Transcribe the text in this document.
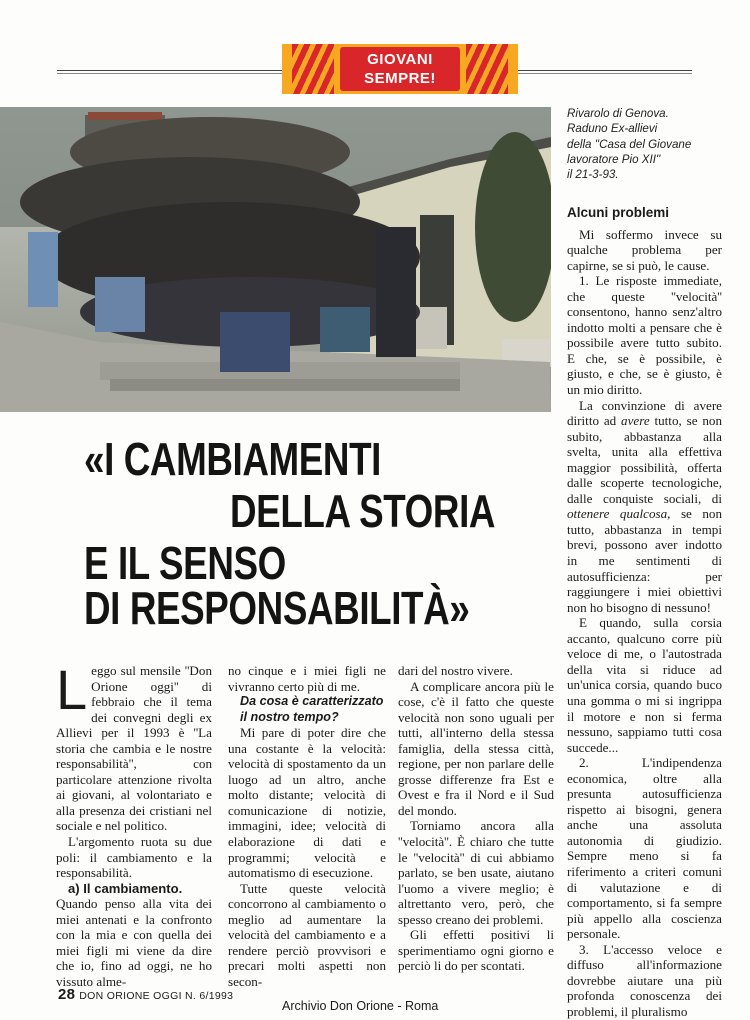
GIOVANI
SEMPRE!
Rivarolo di Genova.
Raduno Ex-allievi
della ''Casa del Giovane
lavoratore Pio XII''
il 21-3-93.
«I CAMBIAMENTI
DELLA STORIA
E IL SENSO
DI RESPONSABILITÀ»

Leggo sul mensile ''Don Orione oggi'' di febbraio che il tema dei convegni degli ex Allievi per il 1993 è ''La storia che cambia e le nostre responsabilità'', con particolare attenzione rivolta ai giovani, al volontariato e alla presenza dei cristiani nel sociale e nel politico.

L'argomento ruota su due poli: il cambiamento e la responsabilità.

a) Il cambiamento.

Quando penso alla vita dei miei antenati e la confronto con la mia e con quella dei miei figli mi viene da dire che io, fino ad oggi, ne ho vissuto alme-

no cinque e i miei figli ne vivranno certo più di me.

Da cosa è caratterizzato il nostro tempo?

Mi pare di poter dire che una costante è la velocità: velocità di spostamento da un luogo ad un altro, anche molto distante; velocità di comunicazione di notizie, immagini, idee; velocità di elaborazione di dati e programmi; velocità e automatismo di esecuzione.

Tutte queste velocità concorrono al cambiamento o meglio ad aumentare la velocità del cambiamento e a rendere perciò provvisori e precari molti aspetti non secon-

dari del nostro vivere.

A complicare ancora più le cose, c'è il fatto che queste velocità non sono uguali per tutti, all'interno della stessa famiglia, della stessa città, regione, per non parlare delle grosse differenze fra Est e Ovest e fra il Nord e il Sud del mondo.

Torniamo ancora alla ''velocità''. È chiaro che tutte le ''velocità'' di cui abbiamo parlato, se ben usate, aiutano l'uomo a vivere meglio; è altrettanto vero, però, che spesso creano dei problemi.

Gli effetti positivi li sperimentiamo ogni giorno e perciò li do per scontati.

Alcuni problemi

Mi soffermo invece su qualche problema per capirne, se si può, le cause.

1. Le risposte immediate, che queste ''velocità'' consentono, hanno senz'altro indotto molti a pensare che è possibile avere tutto subito. E che, se è possibile, è giusto, e che, se è giusto, è un mio diritto.

La convinzione di avere diritto ad avere tutto, se non subito, abbastanza alla svelta, unita alla effettiva maggior possibilità, offerta dalle scoperte tecnologiche, dalle conquiste sociali, di ottenere qualcosa, se non tutto, abbastanza in tempi brevi, possono aver indotto in me sentimenti di autosufficienza: per raggiungere i miei obiettivi non ho bisogno di nessuno!

E quando, sulla corsia accanto, qualcuno corre più veloce di me, o l'autostrada della vita si riduce ad un'unica corsia, quando buco una gomma o mi si ingrippa il motore e non si ferma nessuno, sappiamo tutti cosa succede...

2. L'indipendenza economica, oltre alla presunta autosufficienza rispetto ai bisogni, genera anche una assoluta autonomia di giudizio. Sempre meno si fa riferimento a criteri comuni di valutazione e di comportamento, si fa sempre più appello alla coscienza personale.

3. L'accesso veloce e diffuso all'informazione dovrebbe aiutare una più profonda conoscenza dei problemi, il pluralismo

28 DON ORIONE OGGI N. 6/1993
Archivio Don Orione - Roma
